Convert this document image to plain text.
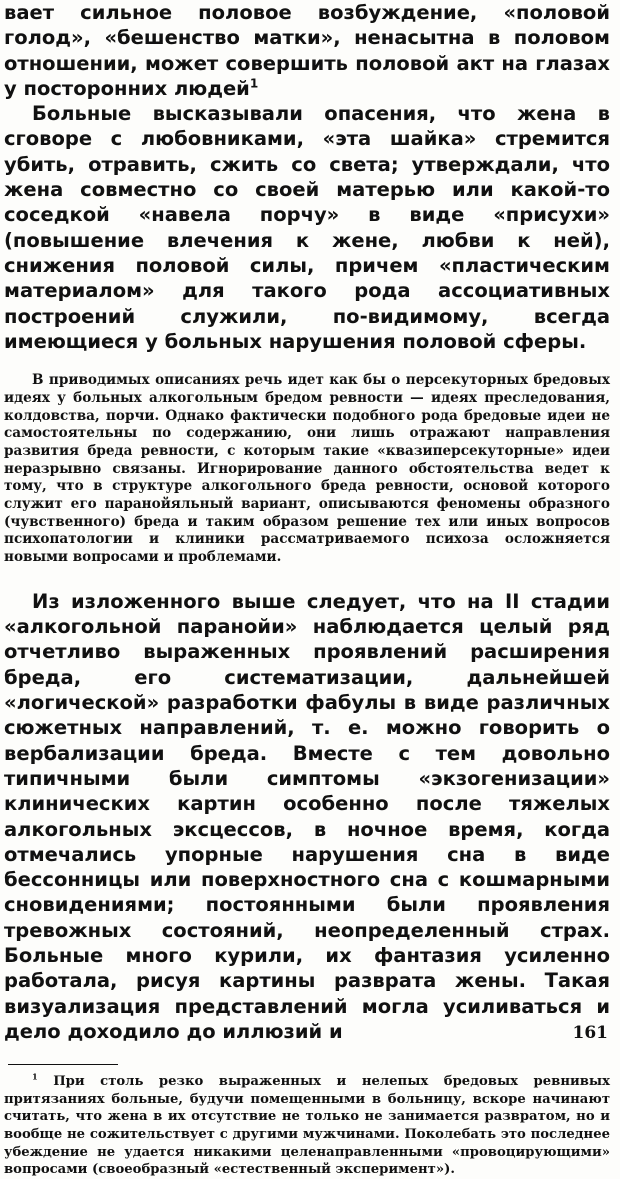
вает сильное половое возбуждение, «половой голод», «бешенство матки», ненасытна в половом отношении, может совершить половой акт на глазах у посторонних людей$^1$

Больные высказывали опасения, что жена в сговоре с любовниками, «эта шайка» стремится убить, отравить, сжить со света; утверждали, что жена совместно со своей матерью или какой-то соседкой «навела порчу» в виде «присухи» (повышение влечения к жене, любви к ней), снижения половой силы, причем «пластическим материалом» для такого рода ассоциативных построений служили, по-видимому, всегда имеющиеся у больных нарушения половой сферы.

В приводимых описаниях речь идет как бы о персекуторных бредовых идеях у больных алкогольным бредом ревности — идеях преследования, колдовства, порчи. Однако фактически подобного рода бредовые идеи не самостоятельны по содержанию, они лишь отражают направления развития бреда ревности, с которым такие «квазиперсекуторные» идеи неразрывно связаны. Игнорирование данного обстоятельства ведет к тому, что в структуре алкогольного бреда ревности, основой которого служит его паранойяльный вариант, описываются феномены образного (чувственного) бреда и таким образом решение тех или иных вопросов психопатологии и клиники рассматриваемого психоза осложняется новыми вопросами и проблемами.

Из изложенного выше следует, что на II стадии «алкогольной паранойи» наблюдается целый ряд отчетливо выраженных проявлений расширения бреда, его систематизации, дальнейшей «логической» разработки фабулы в виде различных сюжетных направлений, т. е. можно говорить о вербализации бреда. Вместе с тем довольно типичными были симптомы «экзогенизации» клинических картин особенно после тяжелых алкогольных эксцессов, в ночное время, когда отмечались упорные нарушения сна в виде бессонницы или поверхностного сна с кошмарными сновидениями; постоянными были проявления тревожных состояний, неопределенный страх. Больные много курили, их фантазия усиленно работала, рисуя картины разврата жены. Такая визуализация представлений могла усиливаться и дело доходило до иллюзий и

$^1$ При столь резко выраженных и нелепых бредовых ревнивых притязаниях больные, будучи помещенными в больницу, вскоре начинают считать, что жена в их отсутствие не только не занимается развратом, но и вообще не сожительствует с другими мужчинами. Поколебать это последнее убеждение не удается никакими целенаправленными «провоцирующими» вопросами (своеобразный «естественный эксперимент»).

161
